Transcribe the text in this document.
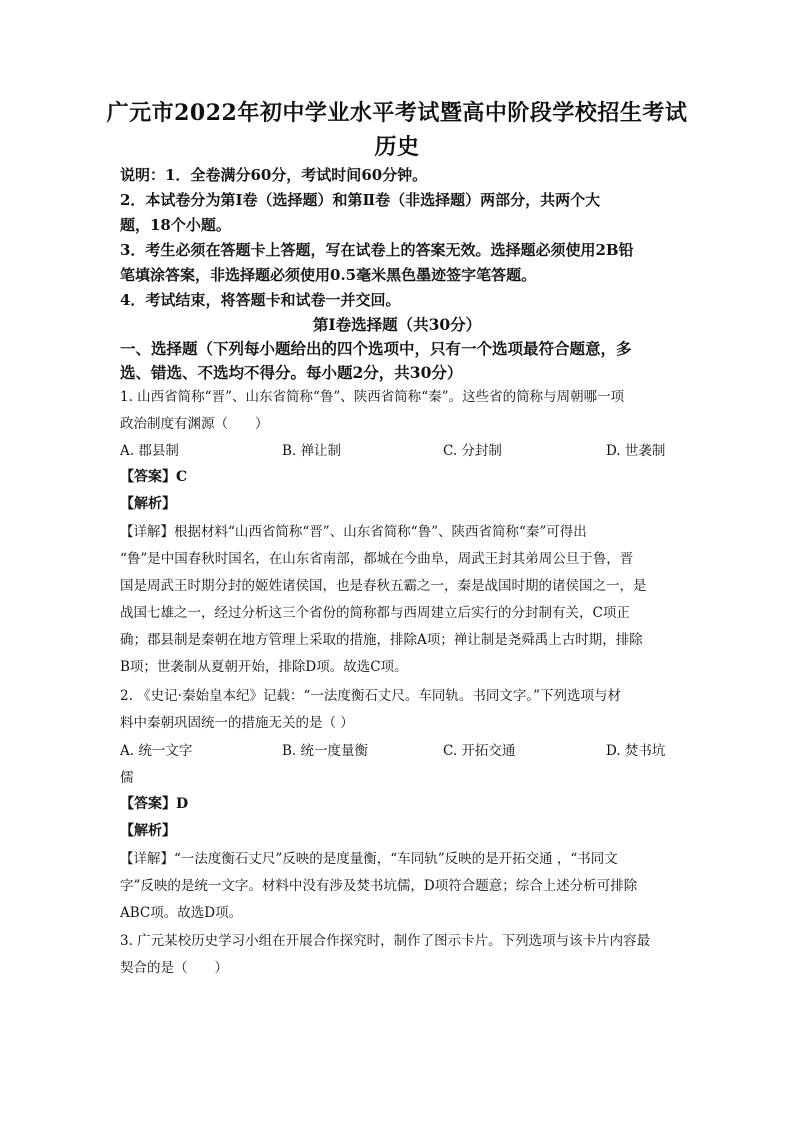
广元市2022年初中学业水平考试暨高中阶段学校招生考试
历史
说明：1．全卷满分60分，考试时间60分钟。
2．本试卷分为第Ⅰ卷（选择题）和第Ⅱ卷（非选择题）两部分，共两个大
题，18个小题。
3．考生必须在答题卡上答题，写在试卷上的答案无效。选择题必须使用2B铅
笔填涂答案，非选择题必须使用0.5毫米黑色墨迹签字笔答题。
4．考试结束，将答题卡和试卷一并交回。
第Ⅰ卷选择题（共30分）
一、选择题（下列每小题给出的四个选项中，只有一个选项最符合题意，多
选、错选、不选均不得分。每小题2分，共30分）
1. 山西省简称“晋”、山东省简称“鲁”、陕西省简称“秦”。这些省的简称与周朝哪一项
政治制度有渊源（　　）
A. 郡县制	B. 禅让制	C. 分封制	D. 世袭制
【答案】C
【解析】
【详解】根据材料“山西省简称“晋”、山东省简称“鲁”、陕西省简称“秦”可得出
“鲁”是中国春秋时国名，在山东省南部，都城在今曲阜，周武王封其弟周公旦于鲁，晋
国是周武王时期分封的姬姓诸侯国，也是春秋五霸之一，秦是战国时期的诸侯国之一，是
战国七雄之一，经过分析这三个省份的简称都与西周建立后实行的分封制有关，C项正
确；郡县制是秦朝在地方管理上采取的措施，排除A项；禅让制是尧舜禹上古时期，排除
B项；世袭制从夏朝开始，排除D项。故选C项。
2. 《史记·秦始皇本纪》记载：“一法度衡石丈尺。车同轨。书同文字。”下列选项与材
料中秦朝巩固统一的措施无关的是（ ）
A. 统一文字	B. 统一度量衡	C. 开拓交通	D. 焚书坑
儒
【答案】D
【解析】
【详解】“一法度衡石丈尺”反映的是度量衡，“车同轨”反映的是开拓交通 ，“书同文
字”反映的是统一文字。材料中没有涉及焚书坑儒，D项符合题意；综合上述分析可排除
ABC项。故选D项。
3. 广元某校历史学习小组在开展合作探究时，制作了图示卡片。下列选项与该卡片内容最
契合的是（　　）
